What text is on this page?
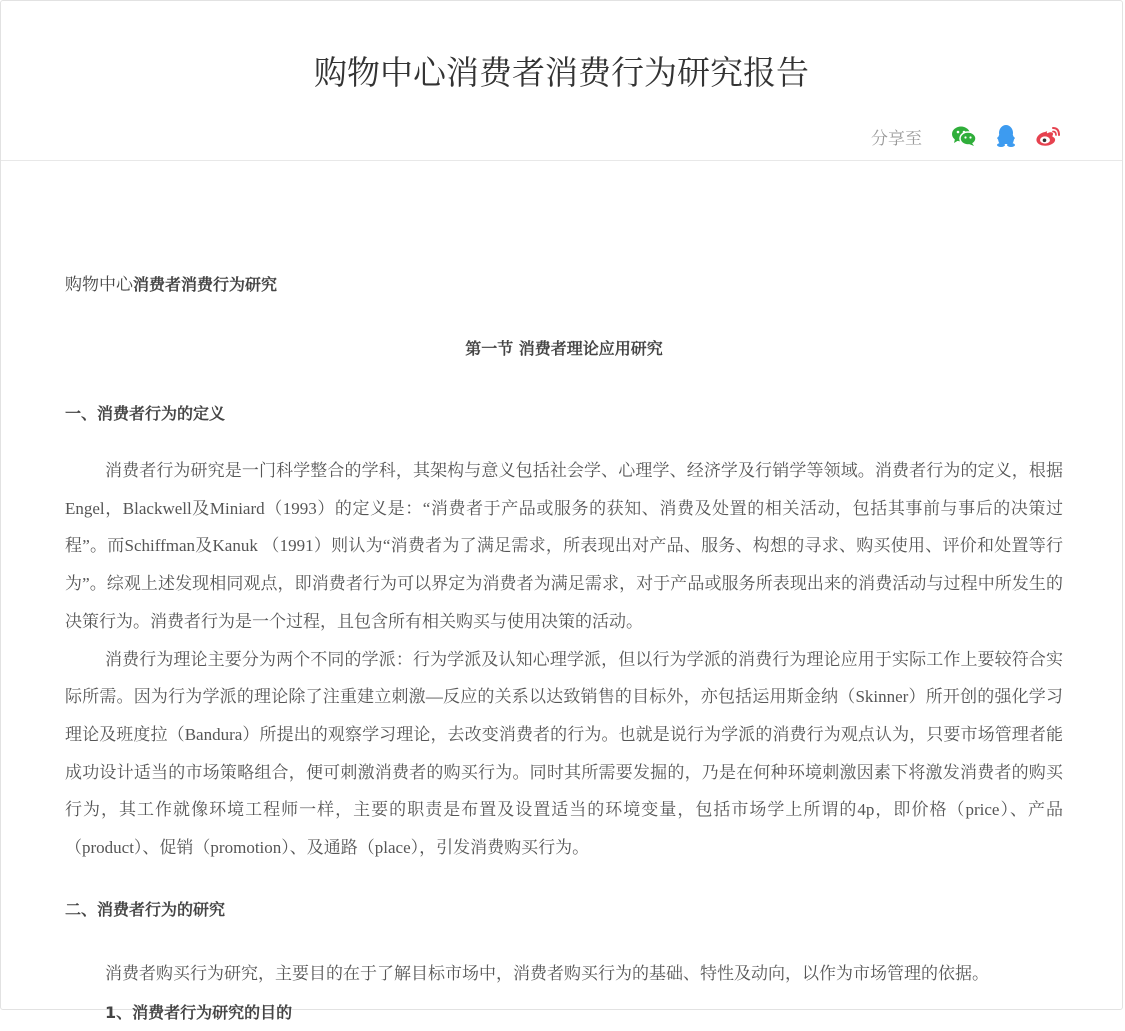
购物中心消费者消费行为研究报告
分享至

购物中心消费者消费行为研究

第一节 消费者理论应用研究

一、消费者行为的定义

消费者行为研究是一门科学整合的学科，其架构与意义包括社会学、心理学、经济学及行销学等领域。消费者行为的定义，根据Engel，Blackwell及Miniard（1993）的定义是：“消费者于产品或服务的获知、消费及处置的相关活动，包括其事前与事后的决策过程”。而Schiffman及Kanuk （1991）则认为“消费者为了满足需求，所表现出对产品、服务、构想的寻求、购买使用、评价和处置等行为”。综观上述发现相同观点，即消费者行为可以界定为消费者为满足需求，对于产品或服务所表现出来的消费活动与过程中所发生的决策行为。消费者行为是一个过程，且包含所有相关购买与使用决策的活动。

消费行为理论主要分为两个不同的学派：行为学派及认知心理学派，但以行为学派的消费行为理论应用于实际工作上要较符合实际所需。因为行为学派的理论除了注重建立刺激—反应的关系以达致销售的目标外，亦包括运用斯金纳（Skinner）所开创的强化学习理论及班度拉（Bandura）所提出的观察学习理论，去改变消费者的行为。也就是说行为学派的消费行为观点认为，只要市场管理者能成功设计适当的市场策略组合，便可刺激消费者的购买行为。同时其所需要发掘的，乃是在何种环境刺激因素下将激发消费者的购买行为，其工作就像环境工程师一样，主要的职责是布置及设置适当的环境变量，包括市场学上所谓的4p，即价格（price）、产品（product）、促销（promotion）、及通路（place），引发消费购买行为。

二、消费者行为的研究

消费者购买行为研究，主要目的在于了解目标市场中，消费者购买行为的基础、特性及动向，以作为市场管理的依据。

1、消费者行为研究的目的
